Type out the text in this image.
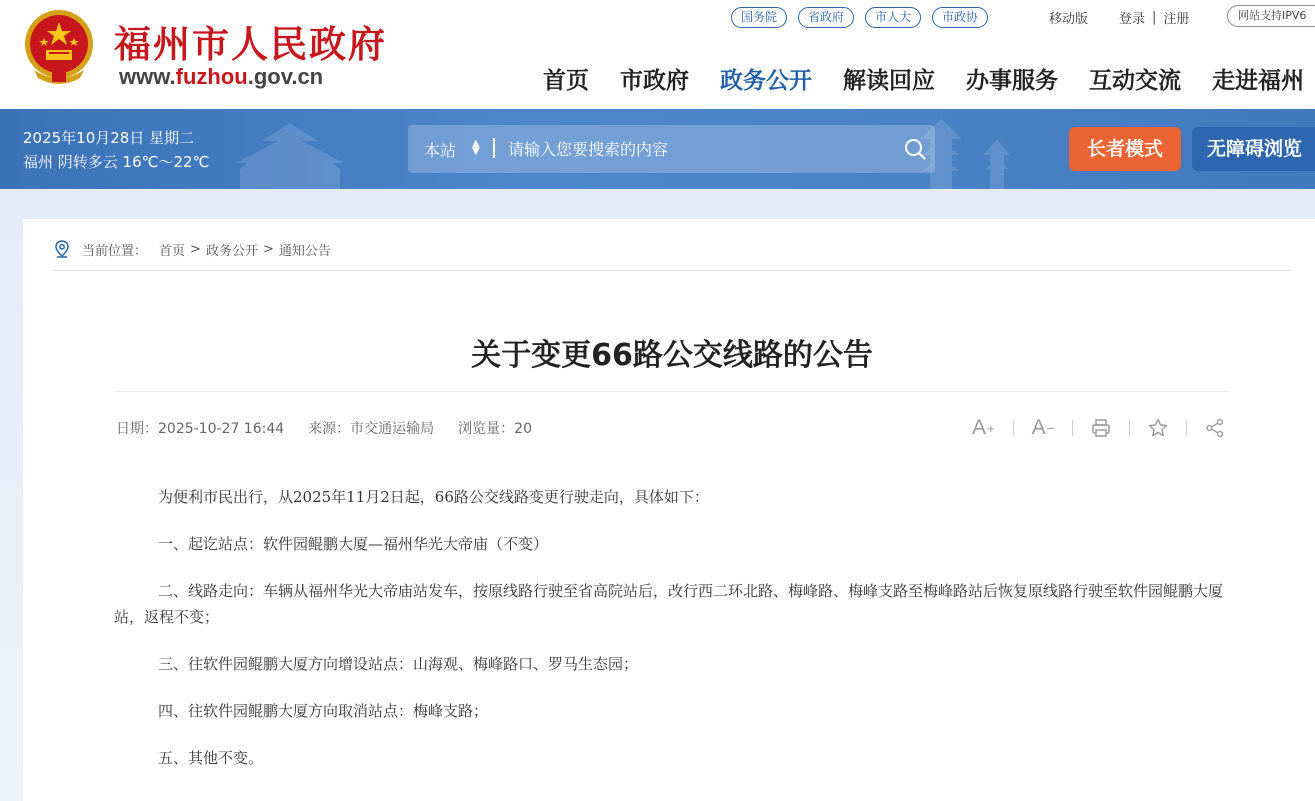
福州市人民政府
www.fuzhou.gov.cn
国务院	省政府	市人大	市政协	移动版 登录 | 注册	网站支持IPV6
首页 市政府 政务公开 解读回应 办事服务 互动交流 走进福州
2025年10月28日 星期二
福州 阴转多云 16℃～22℃
本站 ▲
▼
请输入您要搜索的内容	长者模式	无障碍浏览
当前位置： 首页 > 政务公开 > 通知公告
关于变更66路公交线路的公告
日期：2025-10-27 16:44 来源：市交通运输局 浏览量：20	A + A −

为便利市民出行，从2025年11月2日起，66路公交线路变更行驶走向，具体如下：

一、起讫站点：软件园鲲鹏大厦—福州华光大帝庙（不变）

二、线路走向：车辆从福州华光大帝庙站发车，按原线路行驶至省高院站后，改行西二环北路、梅峰路、梅峰支路至梅峰路站后恢复原线路行驶至软件园鲲鹏大厦站，返程不变；

三、往软件园鲲鹏大厦方向增设站点：山海观、梅峰路口、罗马生态园；

四、往软件园鲲鹏大厦方向取消站点：梅峰支路；

五、其他不变。
